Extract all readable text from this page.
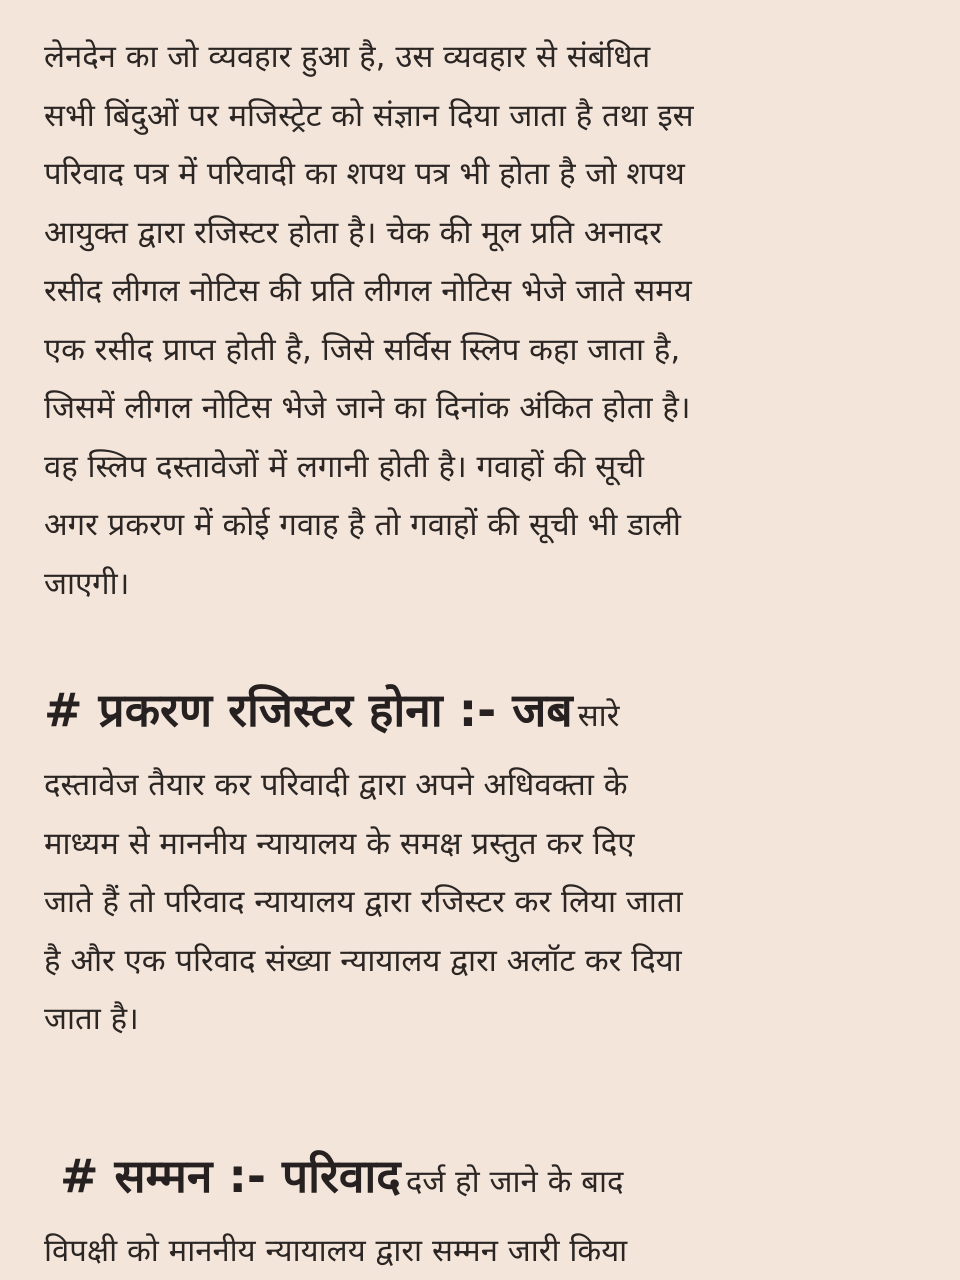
लेनदेन का जो व्यवहार हुआ है, उस व्यवहार से संबंधित
सभी बिंदुओं पर मजिस्ट्रेट को संज्ञान दिया जाता है तथा इस
परिवाद पत्र में परिवादी का शपथ पत्र भी होता है जो शपथ
आयुक्त द्वारा रजिस्टर होता है। चेक की मूल प्रति अनादर
रसीद लीगल नोटिस की प्रति लीगल नोटिस भेजे जाते समय
एक रसीद प्राप्त होती है, जिसे सर्विस स्लिप कहा जाता है,
जिसमें लीगल नोटिस भेजे जाने का दिनांक अंकित होता है।
वह स्लिप दस्तावेजों में लगानी होती है। गवाहों की सूची
अगर प्रकरण में कोई गवाह है तो गवाहों की सूची भी डाली
जाएगी।

# प्रकरण रजिस्टर होना :- जब सारे

दस्तावेज तैयार कर परिवादी द्वारा अपने अधिवक्ता के
माध्यम से माननीय न्यायालय के समक्ष प्रस्तुत कर दिए
जाते हैं तो परिवाद न्यायालय द्वारा रजिस्टर कर लिया जाता
है और एक परिवाद संख्या न्यायालय द्वारा अलॉट कर दिया
जाता है।

# सम्मन :- परिवाद दर्ज हो जाने के बाद

विपक्षी को माननीय न्यायालय द्वारा सम्मन जारी किया
